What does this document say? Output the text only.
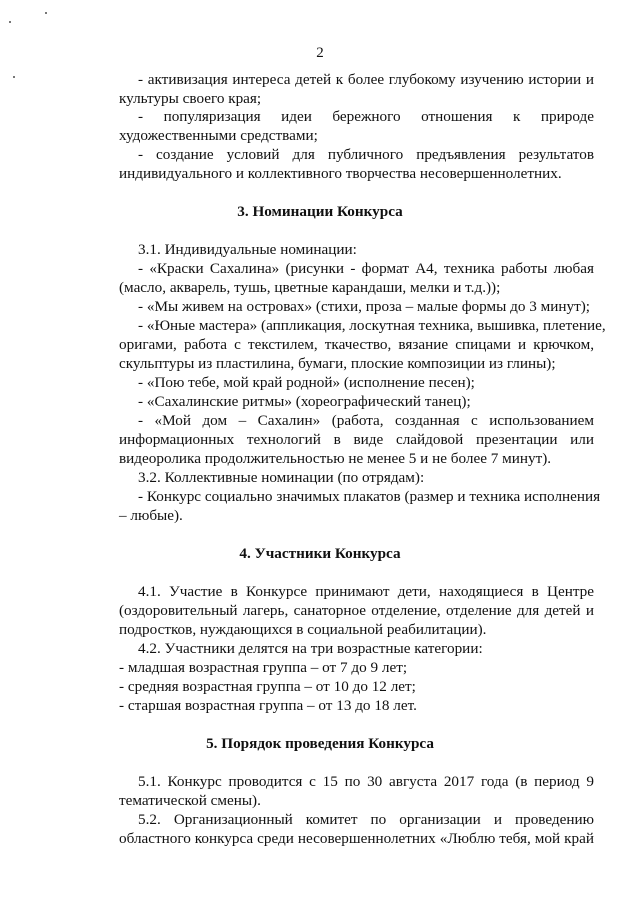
2
- активизация интереса детей к более глубокому изучению истории и
культуры своего края;
- популяризация идеи бережного отношения к природе
художественными средствами;
- создание условий для публичного предъявления результатов
индивидуального и коллективного творчества несовершеннолетних.
3. Номинации Конкурса
3.1. Индивидуальные номинации:
- «Краски Сахалина» (рисунки - формат А4, техника работы любая
(масло, акварель, тушь, цветные карандаши, мелки и т.д.));
- «Мы живем на островах» (стихи, проза – малые формы до 3 минут);
- «Юные мастера» (аппликация, лоскутная техника, вышивка, плетение,
оригами, работа с текстилем, ткачество, вязание спицами и крючком,
скульптуры из пластилина, бумаги, плоские композиции из глины);
- «Пою тебе, мой край родной» (исполнение песен);
- «Сахалинские ритмы» (хореографический танец);
- «Мой дом – Сахалин» (работа, созданная с использованием
информационных технологий в виде слайдовой презентации или
видеоролика продолжительностью не менее 5 и не более 7 минут).
3.2. Коллективные номинации (по отрядам):
- Конкурс социально значимых плакатов (размер и техника исполнения
– любые).
4. Участники Конкурса
4.1. Участие в Конкурсе принимают дети, находящиеся в Центре
(оздоровительный лагерь, санаторное отделение, отделение для детей и
подростков, нуждающихся в социальной реабилитации).
4.2. Участники делятся на три возрастные категории:
- младшая возрастная группа – от 7 до 9 лет;
- средняя возрастная группа – от 10 до 12 лет;
- старшая возрастная группа – от 13 до 18 лет.
5. Порядок проведения Конкурса
5.1. Конкурс проводится с 15 по 30 августа 2017 года (в период 9
тематической смены).
5.2. Организационный комитет по организации и проведению
областного конкурса среди несовершеннолетних «Люблю тебя, мой край
